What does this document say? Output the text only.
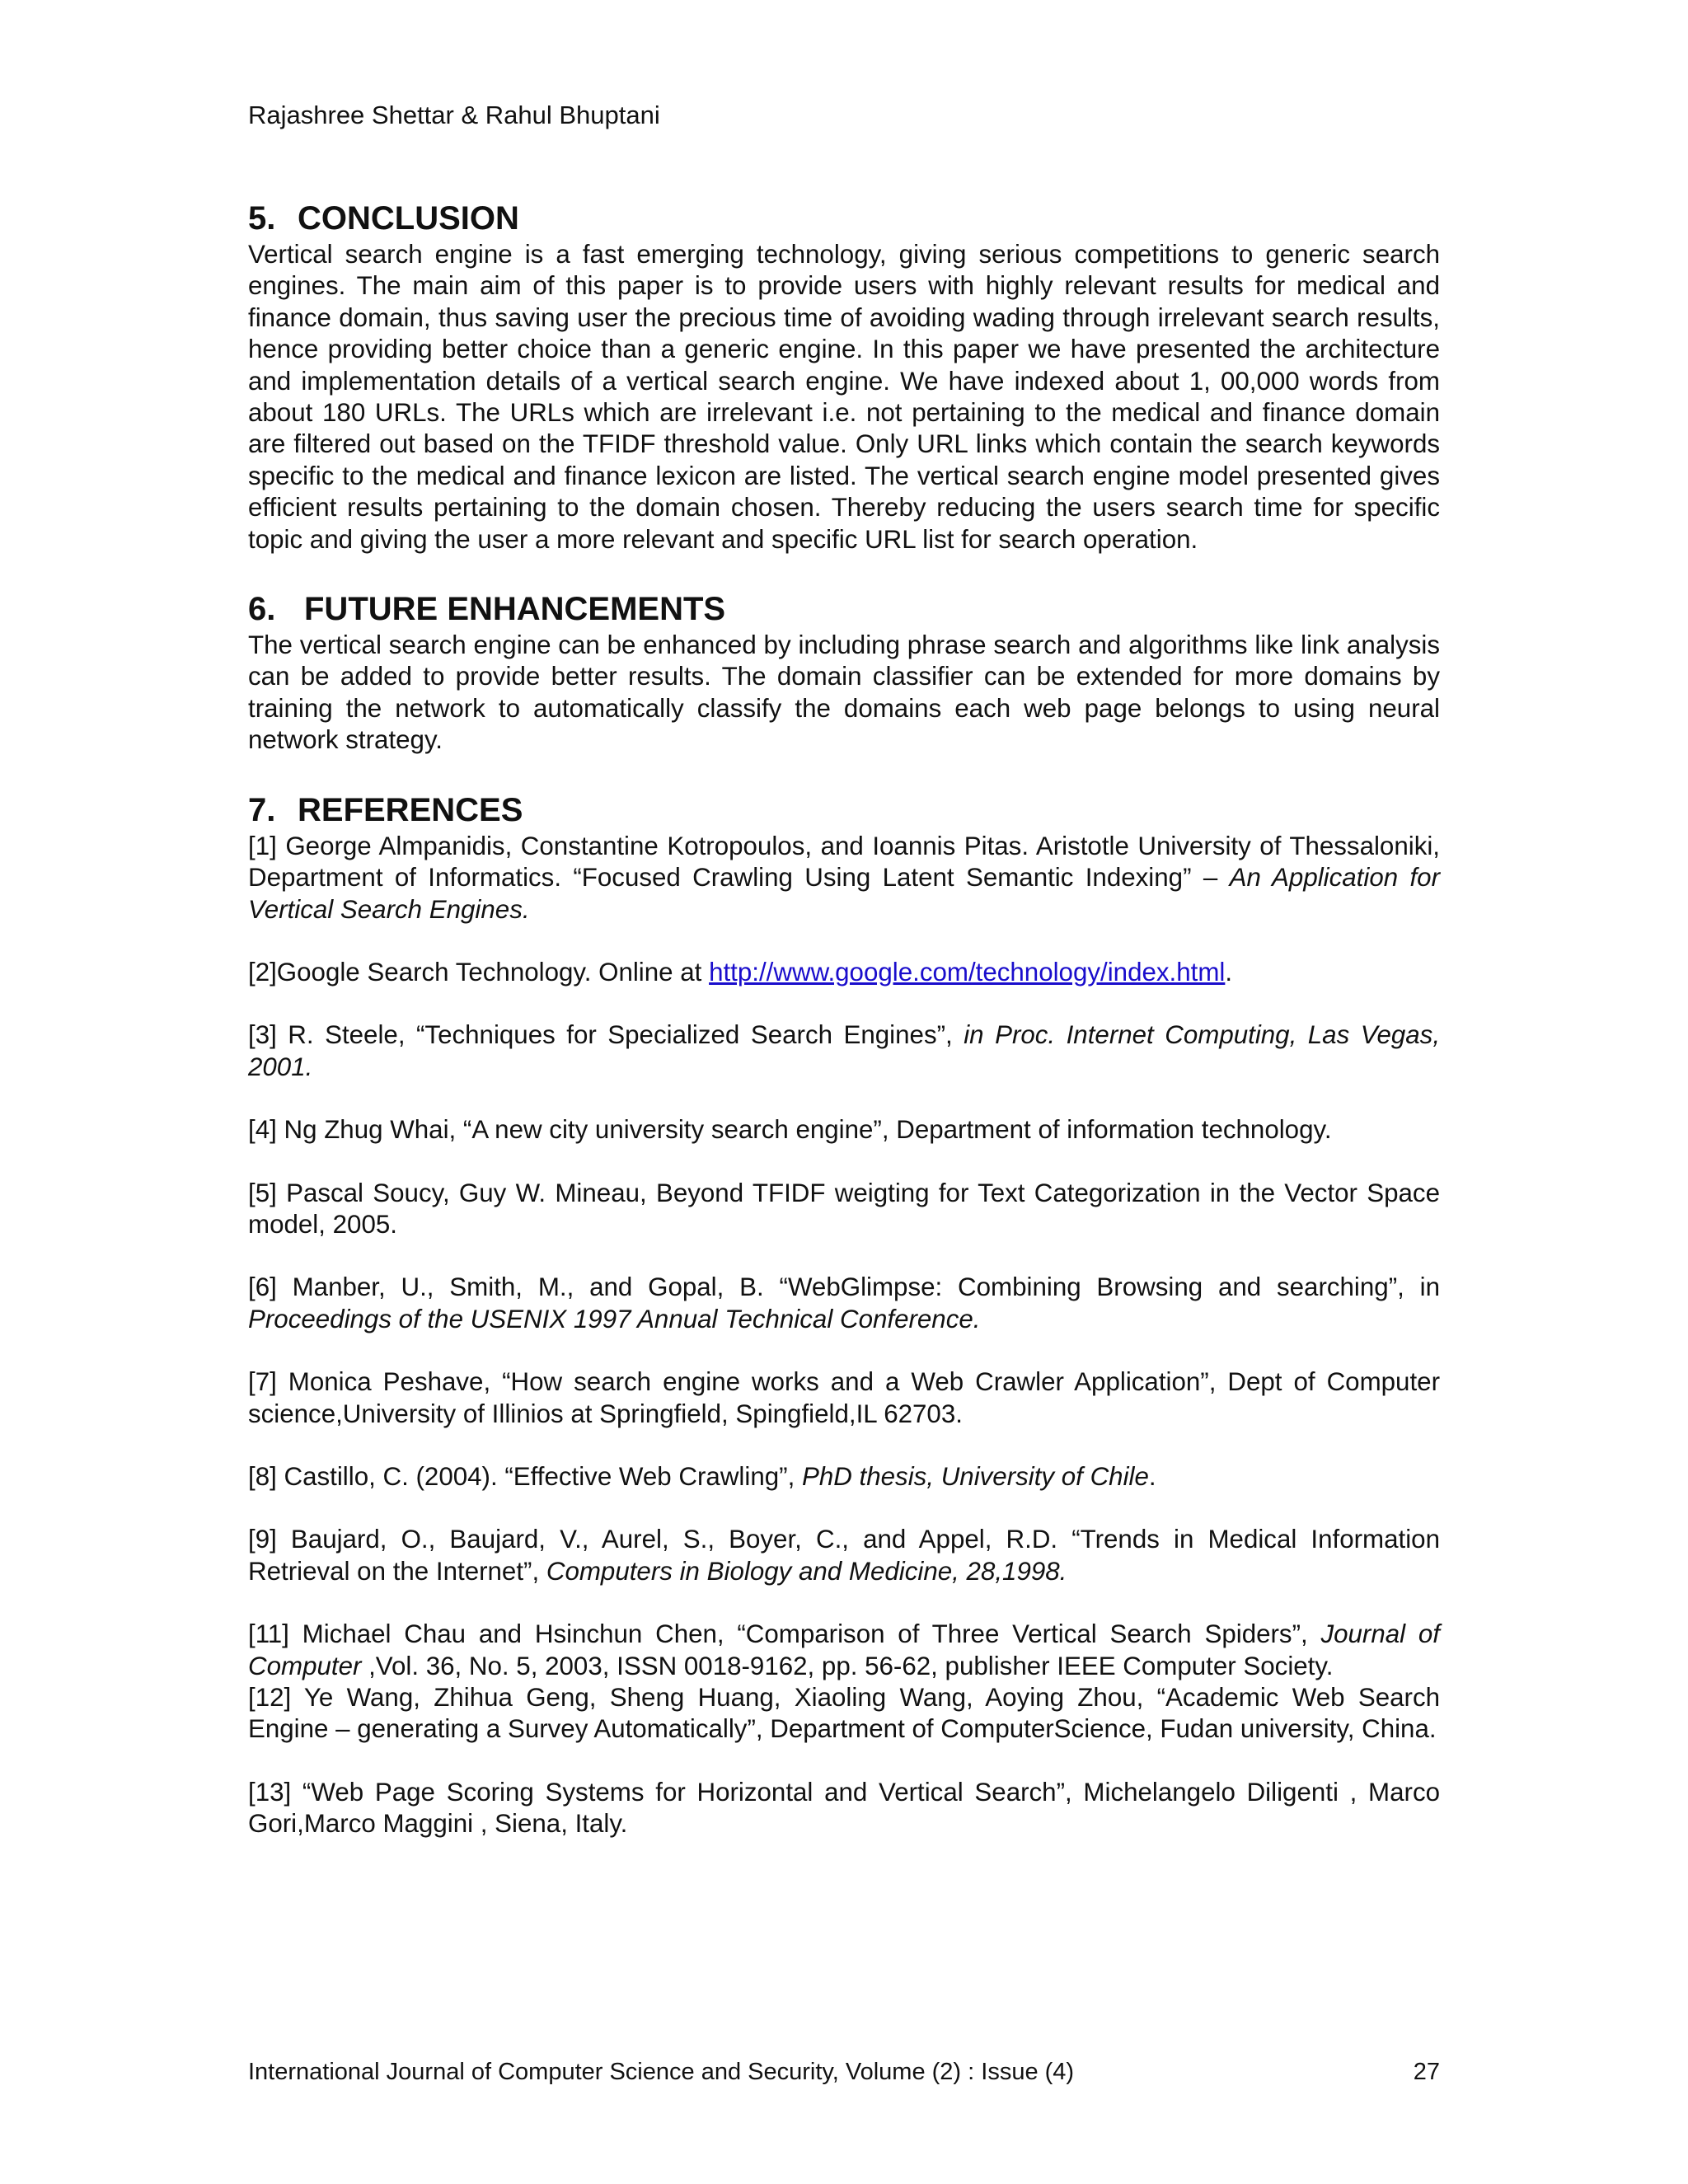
Rajashree Shettar & Rahul Bhuptani
5. CONCLUSION

Vertical search engine is a fast emerging technology, giving serious competitions to generic search engines. The main aim of this paper is to provide users with highly relevant results for medical and finance domain, thus saving user the precious time of avoiding wading through irrelevant search results, hence providing better choice than a generic engine. In this paper we have presented the architecture and implementation details of a vertical search engine. We have indexed about 1, 00,000 words from about 180 URLs. The URLs which are irrelevant i.e. not pertaining to the medical and finance domain are filtered out based on the TFIDF threshold value. Only URL links which contain the search keywords specific to the medical and finance lexicon are listed. The vertical search engine model presented gives efficient results pertaining to the domain chosen. Thereby reducing the users search time for specific topic and giving the user a more relevant and specific URL list for search operation.

6. FUTURE ENHANCEMENTS

The vertical search engine can be enhanced by including phrase search and algorithms like link analysis can be added to provide better results. The domain classifier can be extended for more domains by training the network to automatically classify the domains each web page belongs to using neural network strategy.

7. REFERENCES

[1] George Almpanidis, Constantine Kotropoulos, and Ioannis Pitas. Aristotle University of Thessaloniki, Department of Informatics. “Focused Crawling Using Latent Semantic Indexing” – An Application for Vertical Search Engines.

[2]Google Search Technology. Online at http://www.google.com/technology/index.html.

[3] R. Steele, “Techniques for Specialized Search Engines”, in Proc. Internet Computing, Las Vegas, 2001.

[4] Ng Zhug Whai, “A new city university search engine”, Department of information technology.

[5] Pascal Soucy, Guy W. Mineau, Beyond TFIDF weigting for Text Categorization in the Vector Space model, 2005.

[6] Manber, U., Smith, M., and Gopal, B. “WebGlimpse: Combining Browsing and searching”, in Proceedings of the USENIX 1997 Annual Technical Conference.

[7] Monica Peshave, “How search engine works and a Web Crawler Application”, Dept of Computer science,University of Illinios at Springfield, Spingfield,IL 62703.

[8] Castillo, C. (2004). “Effective Web Crawling”, PhD thesis, University of Chile.

[9] Baujard, O., Baujard, V., Aurel, S., Boyer, C., and Appel, R.D. “Trends in Medical Information Retrieval on the Internet”, Computers in Biology and Medicine, 28,1998.

[11] Michael Chau and Hsinchun Chen, “Comparison of Three Vertical Search Spiders”, Journal of Computer ,Vol. 36, No. 5, 2003, ISSN 0018-9162, pp. 56-62, publisher IEEE Computer Society.

[12] Ye Wang, Zhihua Geng, Sheng Huang, Xiaoling Wang, Aoying Zhou, “Academic Web Search Engine – generating a Survey Automatically”, Department of ComputerScience, Fudan university, China.

[13] “Web Page Scoring Systems for Horizontal and Vertical Search”, Michelangelo Diligenti , Marco Gori,Marco Maggini , Siena, Italy.

International Journal of Computer Science and Security, Volume (2) : Issue (4)	27
